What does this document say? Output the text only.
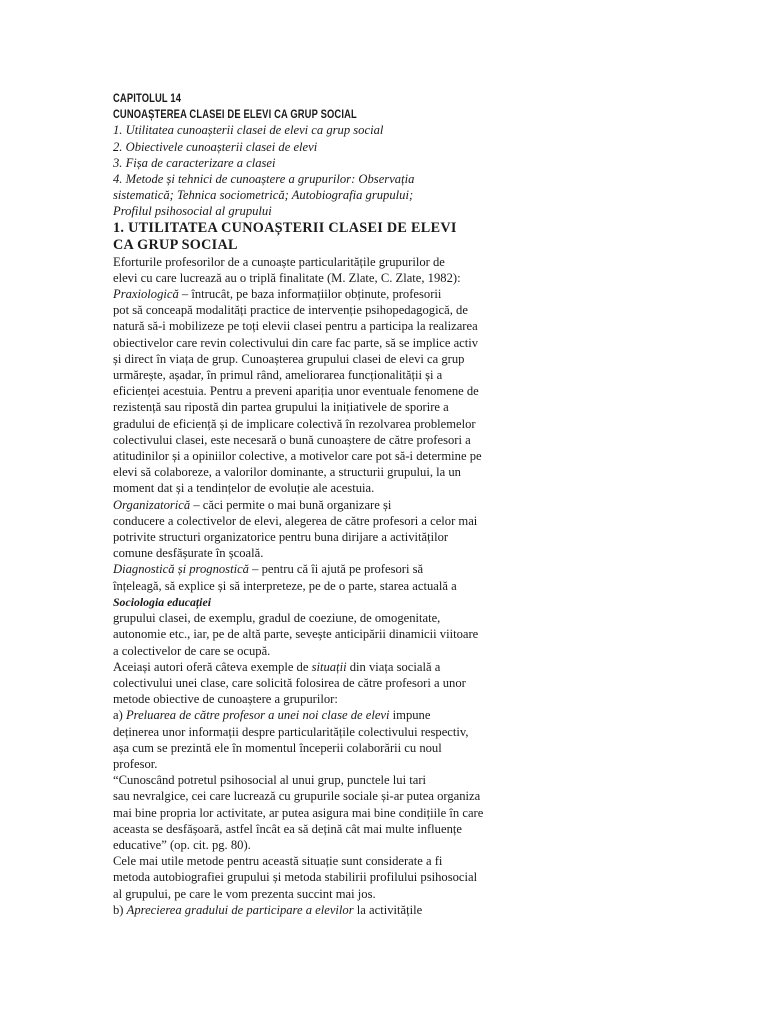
CAPITOLUL 14
CUNOAȘTEREA CLASEI DE ELEVI CA GRUP SOCIAL
1. Utilitatea cunoașterii clasei de elevi ca grup social
2. Obiectivele cunoașterii clasei de elevi
3. Fișa de caracterizare a clasei
4. Metode și tehnici de cunoaștere a grupurilor: Observația
sistematică; Tehnica sociometrică; Autobiografia grupului;
Profilul psihosocial al grupului
1. UTILITATEA CUNOAȘTERII CLASEI DE ELEVI
CA GRUP SOCIAL
Eforturile profesorilor de a cunoaște particularitățile grupurilor de
elevi cu care lucrează au o triplă finalitate (M. Zlate, C. Zlate, 1982):
Praxiologică – întrucât, pe baza informațiilor obținute, profesorii
pot să conceapă modalități practice de intervenție psihopedagogică, de
natură să-i mobilizeze pe toți elevii clasei pentru a participa la realizarea
obiectivelor care revin colectivului din care fac parte, să se implice activ
și direct în viața de grup. Cunoașterea grupului clasei de elevi ca grup
urmărește, așadar, în primul rând, ameliorarea funcționalității și a
eficienței acestuia. Pentru a preveni apariția unor eventuale fenomene de
rezistență sau ripostă din partea grupului la inițiativele de sporire a
gradului de eficiență și de implicare colectivă în rezolvarea problemelor
colectivului clasei, este necesară o bună cunoaștere de către profesori a
atitudinilor și a opiniilor colective, a motivelor care pot să-i determine pe
elevi să colaboreze, a valorilor dominante, a structurii grupului, la un
moment dat și a tendințelor de evoluție ale acestuia.
Organizatorică – căci permite o mai bună organizare și
conducere a colectivelor de elevi, alegerea de către profesori a celor mai
potrivite structuri organizatorice pentru buna dirijare a activităților
comune desfășurate în școală.
Diagnostică și prognostică – pentru că îi ajută pe profesori să
înțeleagă, să explice și să interpreteze, pe de o parte, starea actuală a
Sociologia educației
grupului clasei, de exemplu, gradul de coeziune, de omogenitate,
autonomie etc., iar, pe de altă parte, sevește anticipării dinamicii viitoare
a colectivelor de care se ocupă.
Aceiași autori oferă câteva exemple de situații din viața socială a
colectivului unei clase, care solicită folosirea de către profesori a unor
metode obiective de cunoaștere a grupurilor:
a) Preluarea de către profesor a unei noi clase de elevi impune
deținerea unor informații despre particularitățile colectivului respectiv,
așa cum se prezintă ele în momentul începerii colaborării cu noul
profesor.
“Cunoscând potretul psihosocial al unui grup, punctele lui tari
sau nevralgice, cei care lucrează cu grupurile sociale și-ar putea organiza
mai bine propria lor activitate, ar putea asigura mai bine condițiile în care
aceasta se desfășoară, astfel încât ea să dețină cât mai multe influențe
educative” (op. cit. pg. 80).
Cele mai utile metode pentru această situație sunt considerate a fi
metoda autobiografiei grupului și metoda stabilirii profilului psihosocial
al grupului, pe care le vom prezenta succint mai jos.
b) Aprecierea gradului de participare a elevilor la activitățile
